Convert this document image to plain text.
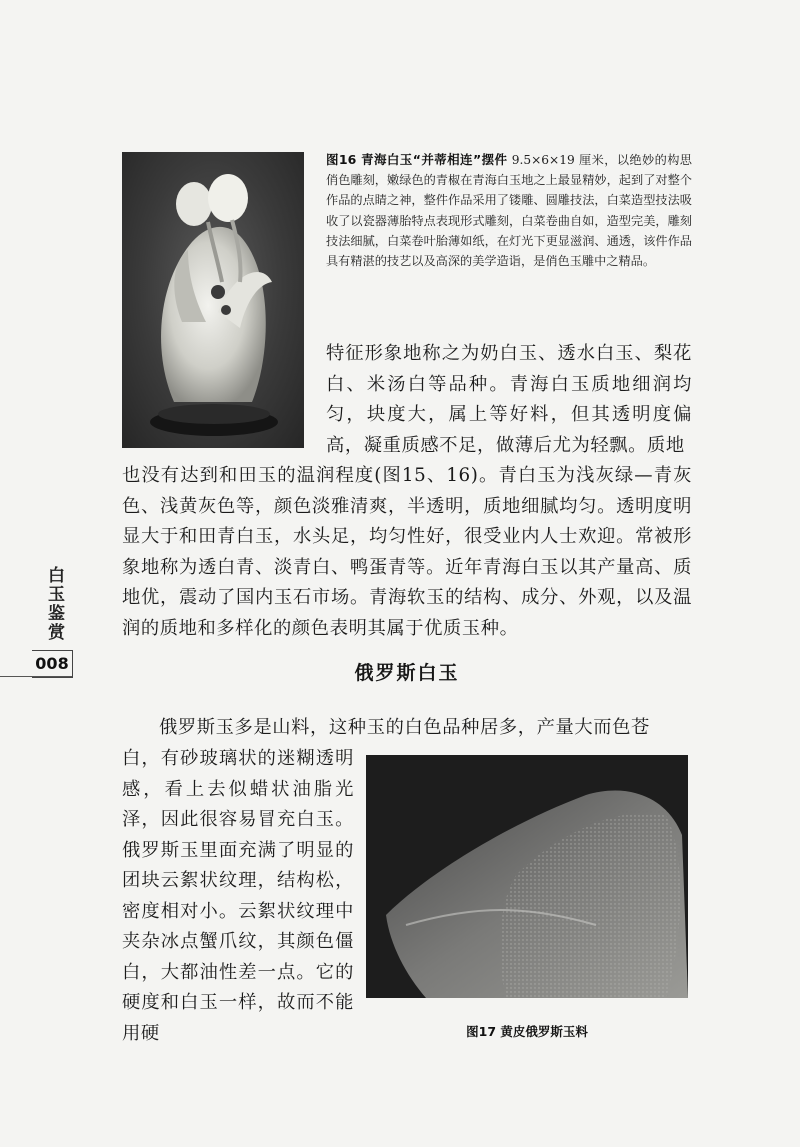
图16 青海白玉“并蒂相连”摆件 9.5×6×19 厘米，以绝妙的构思俏色雕刻，嫩绿色的青椒在青海白玉地之上最显精妙，起到了对整个作品的点睛之神，整件作品采用了镂雕、圆雕技法，白菜造型技法吸收了以瓷器薄胎特点表现形式雕刻，白菜卷曲自如，造型完美，雕刻技法细腻，白菜卷叶胎薄如纸，在灯光下更显滋润、通透，该件作品具有精湛的技艺以及高深的美学造诣，是俏色玉雕中之精品。

特征形象地称之为奶白玉、透水白玉、梨花白、米汤白等品种。青海白玉质地细润均匀，块度大，属上等好料，但其透明度偏高，凝重质感不足，做薄后尤为轻飘。质地

也没有达到和田玉的温润程度(图15、16)。青白玉为浅灰绿—青灰色、浅黄灰色等，颜色淡雅清爽，半透明，质地细腻均匀。透明度明显大于和田青白玉，水头足，均匀性好，很受业内人士欢迎。常被形象地称为透白青、淡青白、鸭蛋青等。近年青海白玉以其产量高、质地优，震动了国内玉石市场。青海软玉的结构、成分、外观，以及温润的质地和多样化的颜色表明其属于优质玉种。

白玉鉴赏
008	俄罗斯白玉

俄罗斯玉多是山料，这种玉的白色品种居多，产量大而色苍

白，有砂玻璃状的迷糊透明感，看上去似蜡状油脂光泽，因此很容易冒充白玉。俄罗斯玉里面充满了明显的团块云絮状纹理，结构松，密度相对小。云絮状纹理中夹杂冰点蟹爪纹，其颜色僵白，大都油性差一点。它的硬度和白玉一样，故而不能用硬	图17 黄皮俄罗斯玉料
